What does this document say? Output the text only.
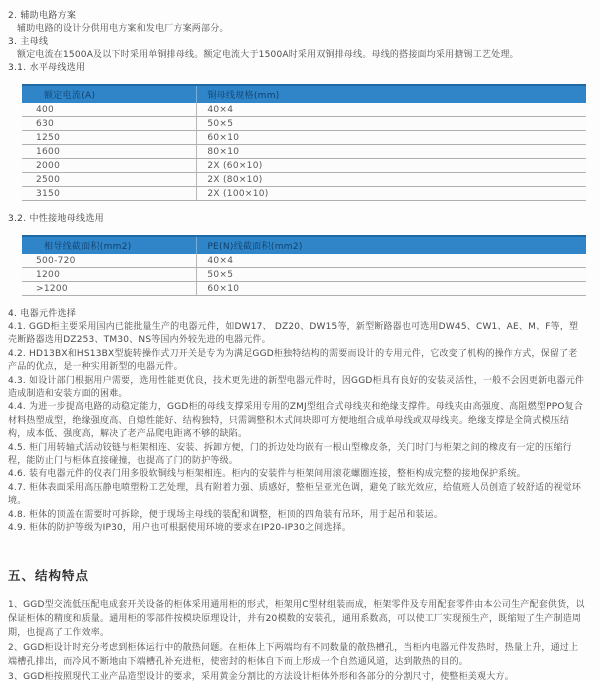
2. 辅助电路方案

辅助电路的设计分供用电方案和发电厂方案两部分。

3. 主母线

额定电流在1500A及以下时采用单铜排母线。额定电流大于1500A时采用双铜排母线。母线的搭接面均采用搪锡工艺处理。

3.1. 水平母线选用

额定电流(A)	铜母线规格(mm)
400	40×4
630	50×5
1250	60×10
1600	80×10
2000	2X (60×10)
2500	2X (80×10)
3150	2X (100×10)

3.2. 中性接地母线选用

相导线截面积(mm2)	PE(N)线截面积(mm2)
500-720	40×4
1200	50×5
>1200	60×10

4. 电器元件选择

4.1. GGD柜主要采用国内已能批量生产的电器元件，如DW17、 DZ20、DW15等，新型断路器也可选用DW45、CW1、AE、M、F等，塑壳断路器选用DZ253、TM30、NS等国内外较先进的电器元件。

4.2. HD13BX和HS13BX型旋转操作式刀开关是专为为满足GGD柜独特结构的需要而设计的专用元件，它改变了机构的操作方式，保留了老产品的优点，是一种实用新型的电器元件。

4.3. 如设计部门根据用户需要，选用性能更优良，技术更先进的新型电器元件时，因GGD柜具有良好的安装灵活性，一般不会因更新电器元件造成制造和安装方面的困难。

4.4. 为进一步提高电路的动稳定能力，GGD柜的母线支撑采用专用的ZMJ型组合式母线夹和绝缘支撑件。母线夹由高强度、高阻燃型PPO复合材料热塑成型，绝缘强度高、自熄性能好、结构独特，只需调整积木式间块即可方便地组合成单母线或双母线夹。绝缘支撑是全筒式模压结构，成本低、强度高，解决了老产品爬电距离不够的缺陷。

4.5. 柜门用转轴式活动铰链与柜架相连、安装、拆卸方便，门的折边处均嵌有一根山型橡皮条，关门时门与柜架之间的橡皮有一定的压缩行程，能防止门与柜体直接碰撞，也提高了门的防护等级。

4.6. 装有电器元件的仪表门用多股软铜线与柜架相连。柜内的安装件与柜架间用滚花螺圈连接，整柜构成完整的接地保护系统。

4.7. 柜体表面采用高压静电喷塑粉工艺处理，具有附着力强、质感好，整柜呈亚光色调，避免了眩光效应，给值班人员创造了较舒适的视觉环境。

4.8. 柜体的顶盖在需要时可拆除，便于现场主母线的装配和调整，柜顶的四角装有吊环，用于起吊和装运。

4.9. 柜体的防护等级为IP30，用户也可根据使用环境的要求在IP20-IP30之间选择。

五、结构特点

1、GGD型交流低压配电成套开关设备的柜体采用通用柜的形式，柜架用C型材组装而成，柜架零件及专用配套零件由本公司生产配套供货，以保证柜体的精度和质量。通用柜的零部件按模块原理设计，并有20模数的安装孔，通用系数高，可以使工厂实现预生产，既缩短了生产制造周期，也提高了工作效率。

2、GGD柜设计时充分考虑到柜体运行中的散热问题。在柜体上下两端均有不同数量的散热槽孔，当柜内电器元件发热时，热量上升，通过上端槽孔排出，而冷风不断地由下端槽孔补充进柜，使密封的柜体自下而上形成一个自然通风道，达到散热的目的。

3、GGD柜按照现代工业产品造型设计的要求，采用黄金分割比的方法设计柜体外形和各部分的分割尺寸，使整柜美观大方。
